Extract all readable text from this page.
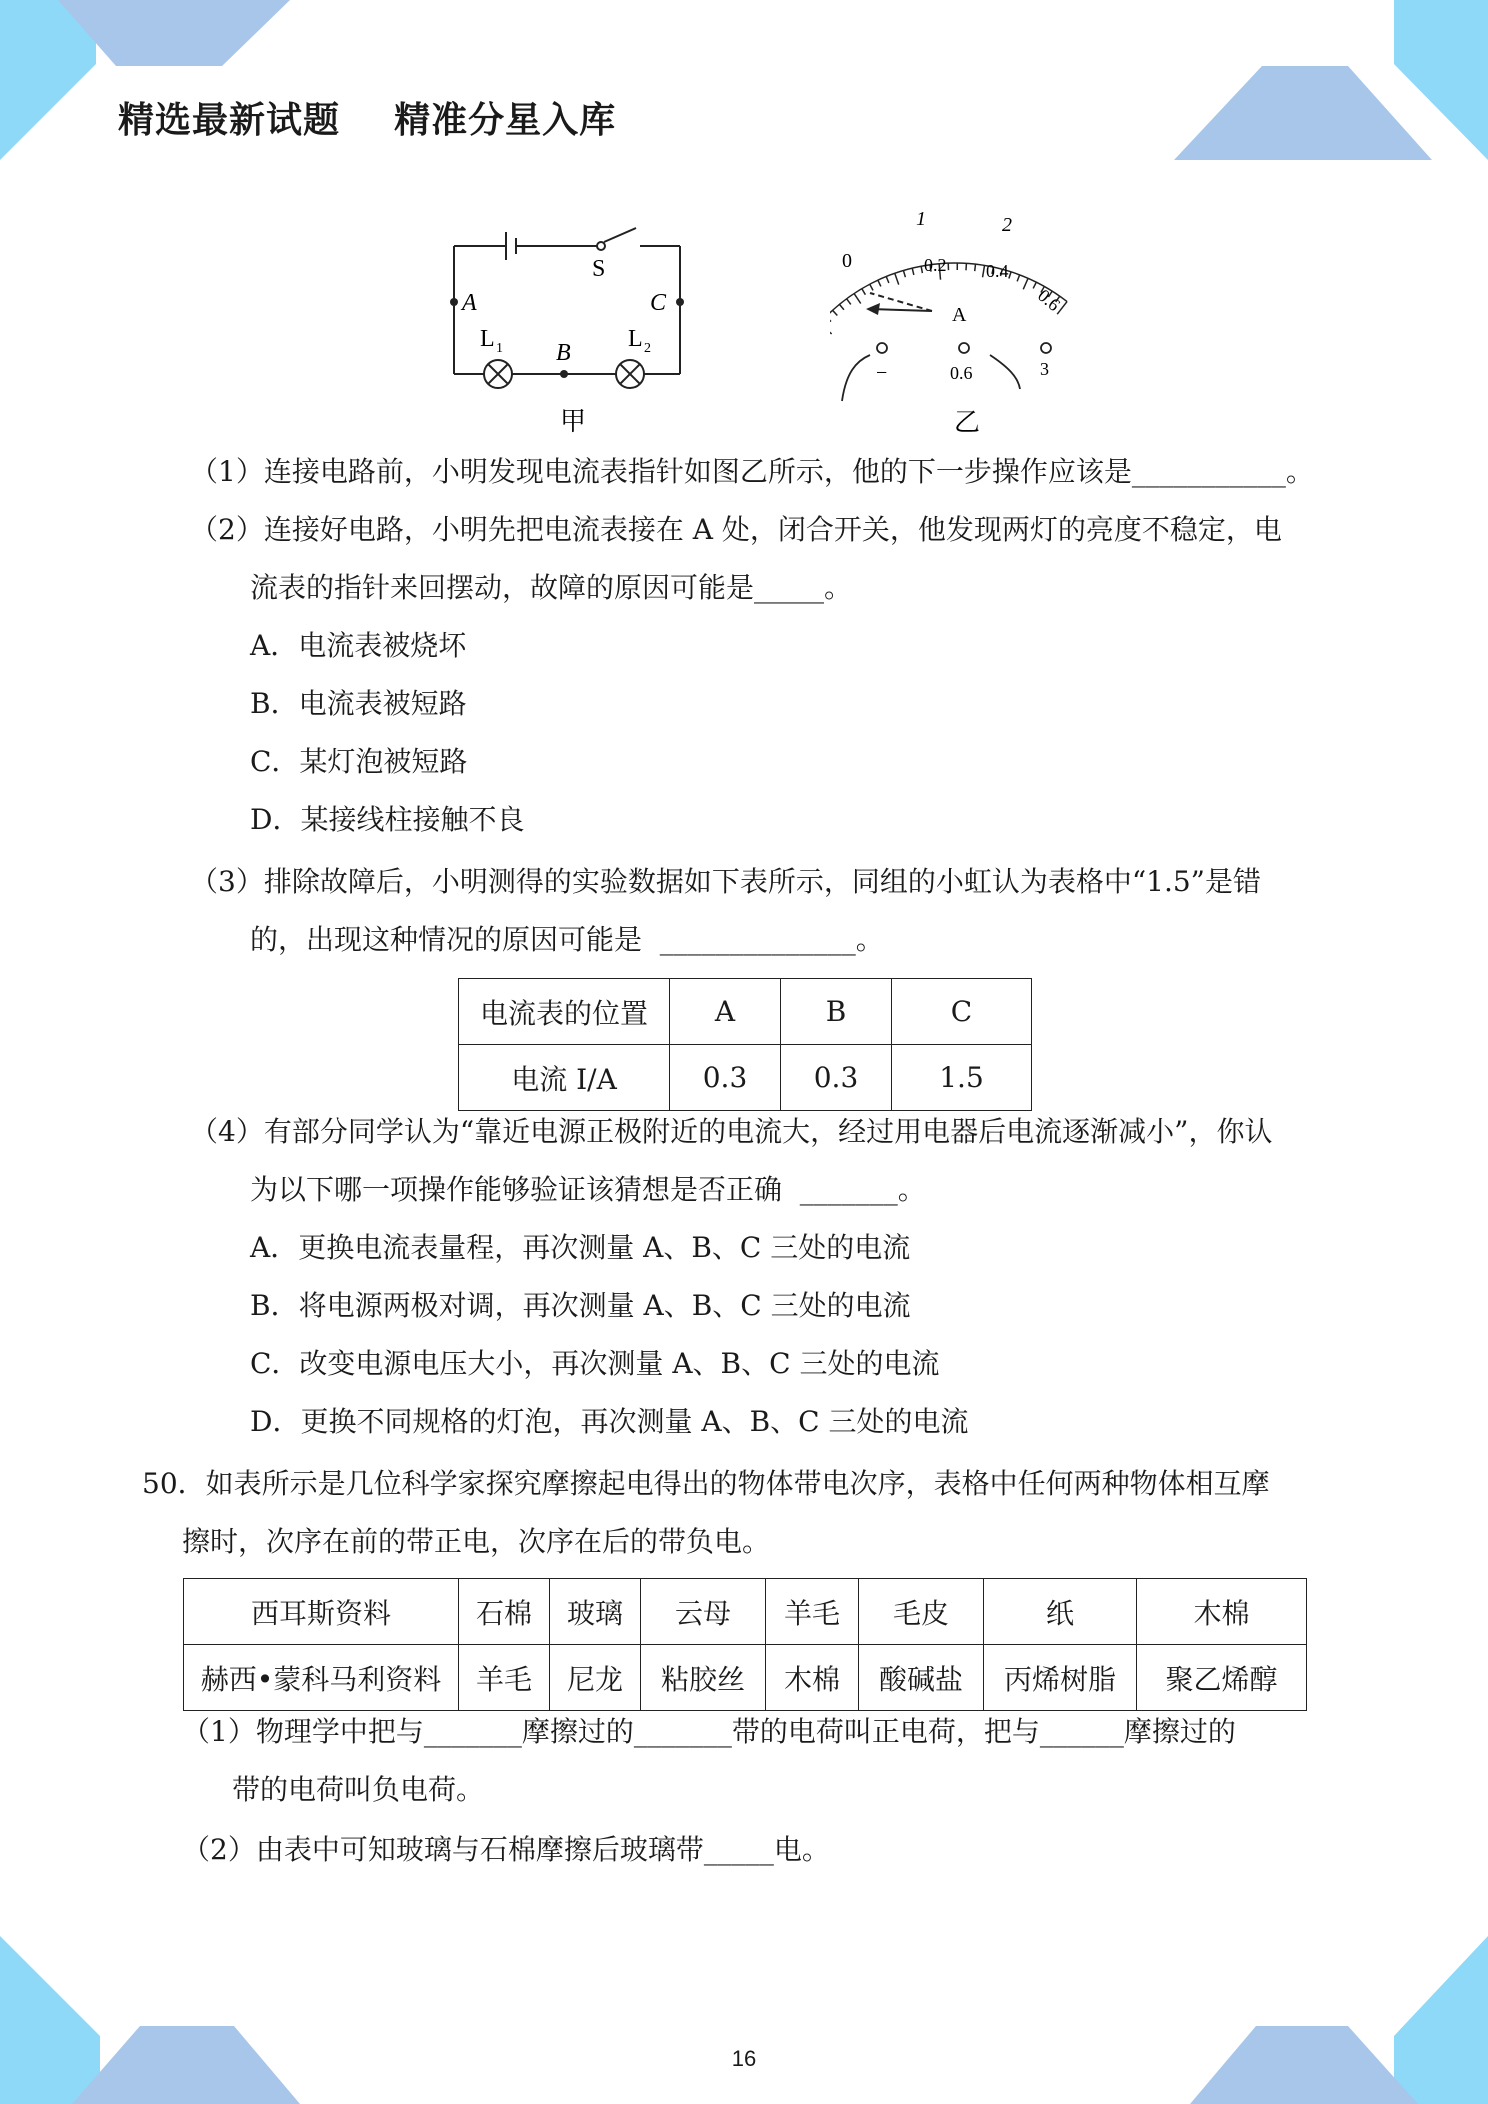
精选最新试题    精准分星入库
S
A	C
B
L 1	L 2
甲
0
1	2
0.2 0.4
0.6
A
−	0.6	3
乙
（1）连接电路前，小明发现电流表指针如图乙所示，他的下一步操作应该是___________。
（2）连接好电路，小明先把电流表接在 A 处，闭合开关，他发现两灯的亮度不稳定，电
流表的指针来回摆动，故障的原因可能是_____。
A．电流表被烧坏
B．电流表被短路
C．某灯泡被短路
D．某接线柱接触不良
（3）排除故障后，小明测得的实验数据如下表所示，同组的小虹认为表格中“1.5”是错
的，出现这种情况的原因可能是  ______________。
电流表的位置	A	B	C
电流 I/A	0.3	0.3	1.5
（4）有部分同学认为“靠近电源正极附近的电流大，经过用电器后电流逐渐减小”，你认
为以下哪一项操作能够验证该猜想是否正确  _______。
A．更换电流表量程，再次测量 A、B、C 三处的电流
B．将电源两极对调，再次测量 A、B、C 三处的电流
C．改变电源电压大小，再次测量 A、B、C 三处的电流
D．更换不同规格的灯泡，再次测量 A、B、C 三处的电流
50．如表所示是几位科学家探究摩擦起电得出的物体带电次序，表格中任何两种物体相互摩
擦时，次序在前的带正电，次序在后的带负电。
西耳斯资料	石棉	玻璃	云母	羊毛	毛皮	纸	木棉
赫西•蒙科马利资料	羊毛	尼龙	粘胶丝	木棉	酸碱盐	丙烯树脂	聚乙烯醇
（1）物理学中把与_______摩擦过的_______带的电荷叫正电荷，把与______摩擦过的
带的电荷叫负电荷。
（2）由表中可知玻璃与石棉摩擦后玻璃带_____电。
16
